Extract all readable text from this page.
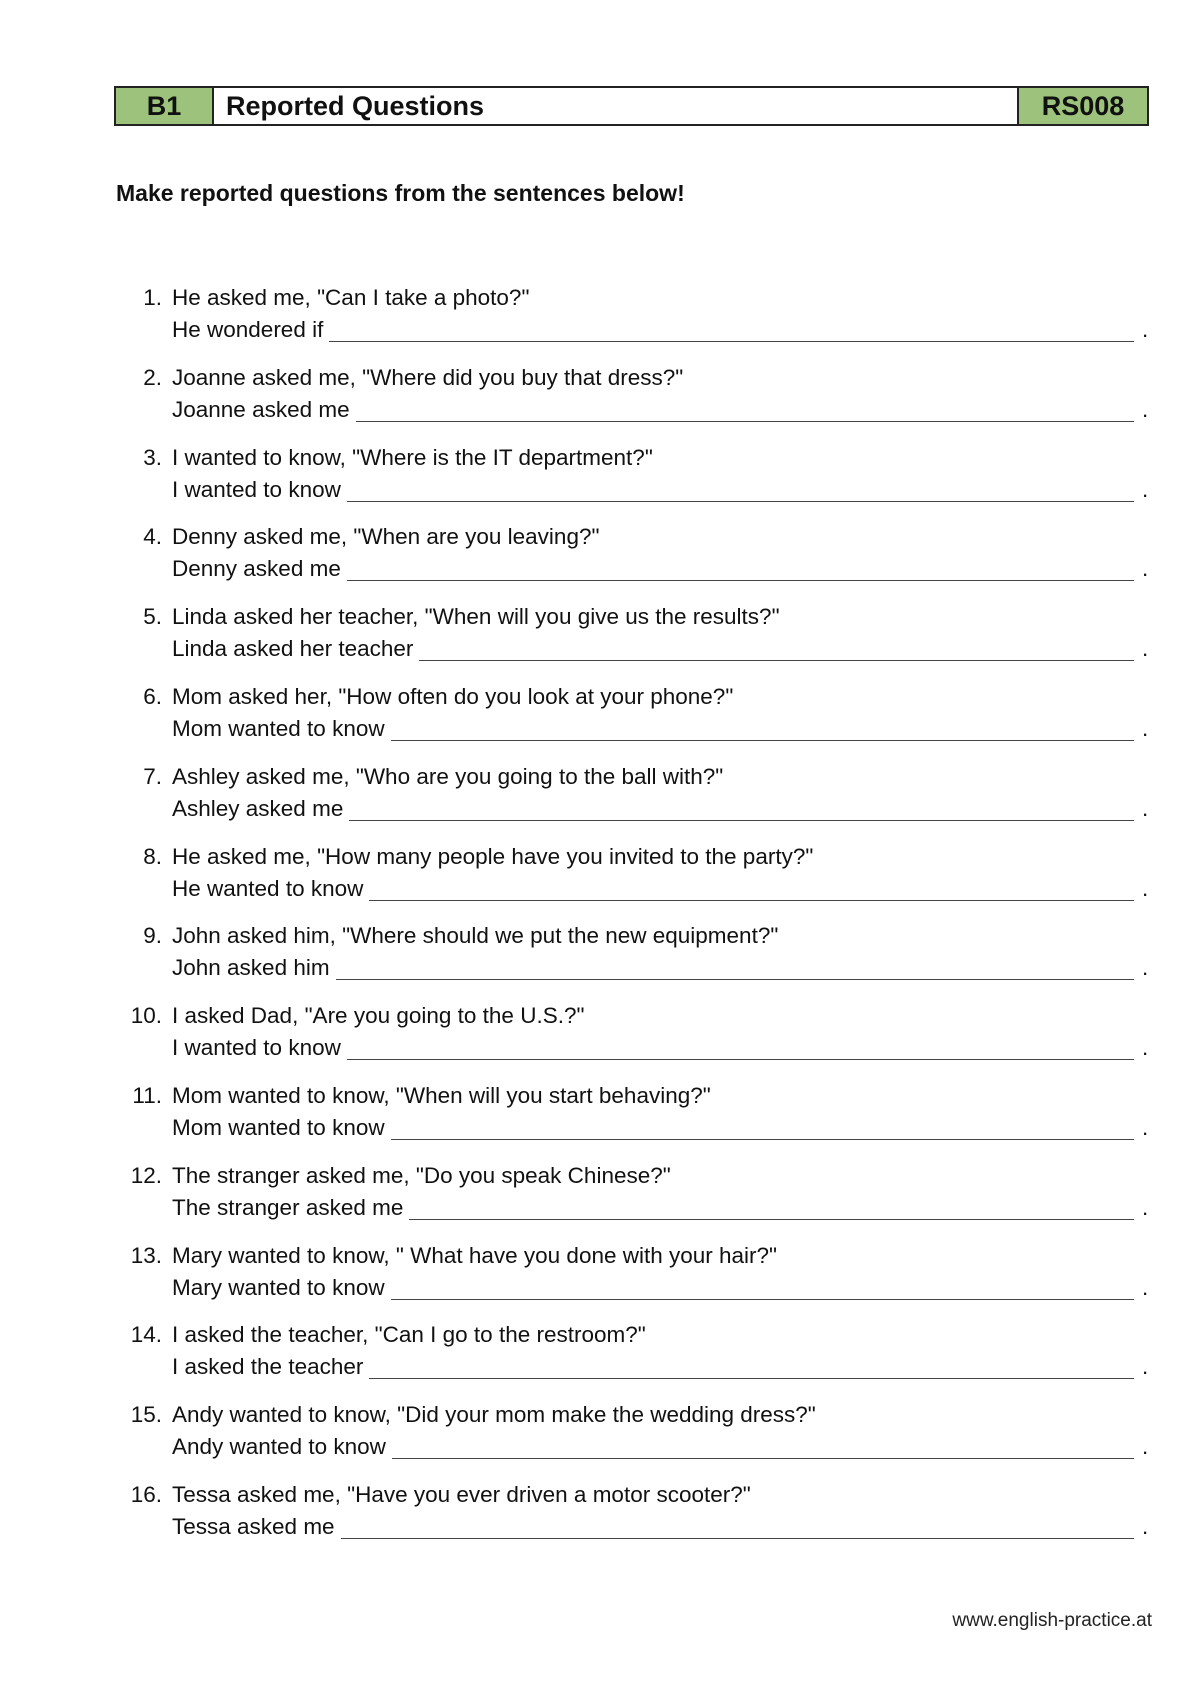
B1	Reported Questions	RS008

Make reported questions from the sentences below!

1. He asked me, "Can I take a photo?"
He wondered if	.
2. Joanne asked me, "Where did you buy that dress?"
Joanne asked me	.
3. I wanted to know, "Where is the IT department?"
I wanted to know	.
4. Denny asked me, "When are you leaving?"
Denny asked me	.
5. Linda asked her teacher, "When will you give us the results?"
Linda asked her teacher	.
6. Mom asked her, "How often do you look at your phone?"
Mom wanted to know	.
7. Ashley asked me, "Who are you going to the ball with?"
Ashley asked me	.
8. He asked me, "How many people have you invited to the party?"
He wanted to know	.
9. John asked him, "Where should we put the new equipment?"
John asked him	.
10. I asked Dad, "Are you going to the U.S.?"
I wanted to know	.
11. Mom wanted to know, "When will you start behaving?"
Mom wanted to know	.
12. The stranger asked me, "Do you speak Chinese?"
The stranger asked me	.
13. Mary wanted to know, " What have you done with your hair?"
Mary wanted to know	.
14. I asked the teacher, "Can I go to the restroom?"
I asked the teacher	.
15. Andy wanted to know, "Did your mom make the wedding dress?"
Andy wanted to know	.
16. Tessa asked me, "Have you ever driven a motor scooter?"
Tessa asked me	.
www.english-practice.at
